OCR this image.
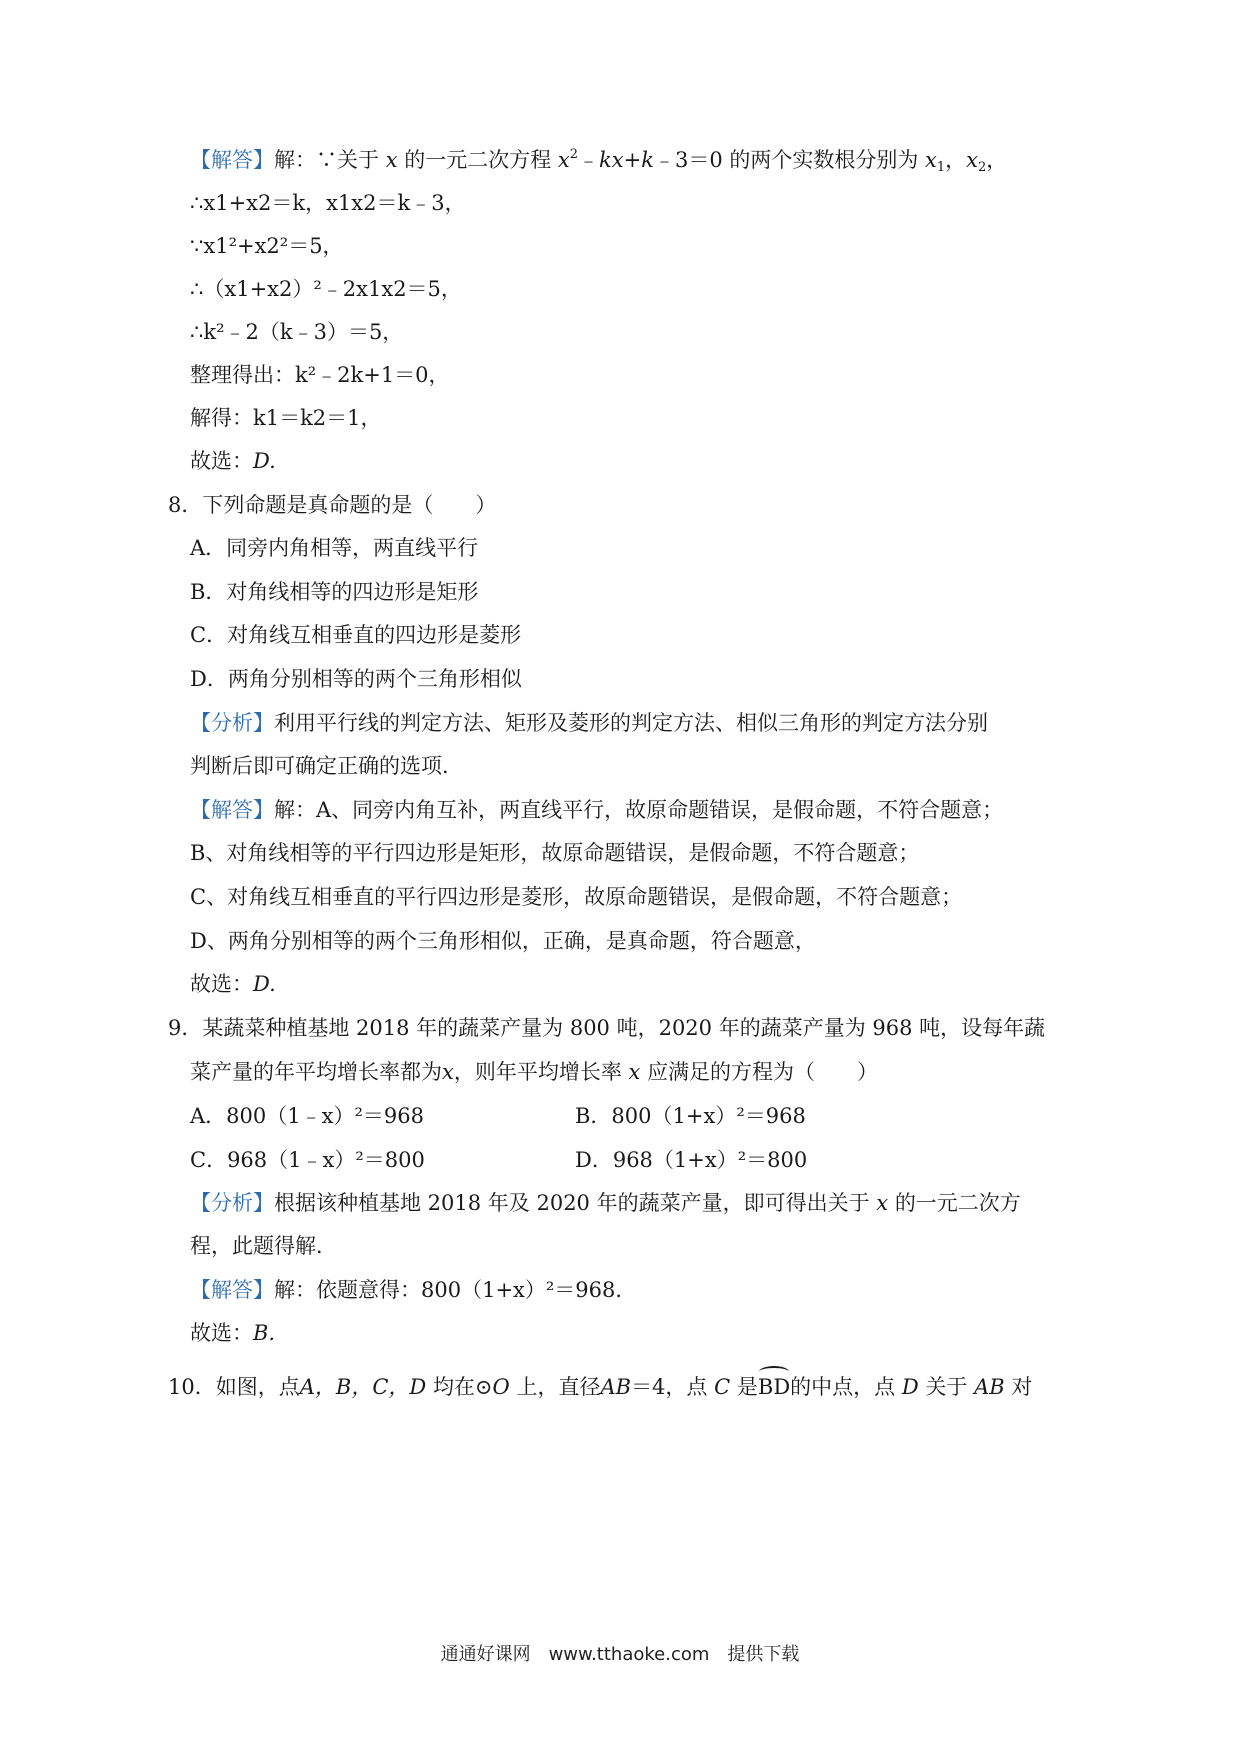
【解答】解：∵关于 x 的一元二次方程 $x^2﹣kx+k﹣3=0$ 的两个实数根分别为 $x_1$，$x_2$，
∴x1+x2＝k，x1x2＝k﹣3，
∵x1²+x2²＝5，
∴（x1+x2）²﹣2x1x2＝5，
∴k²﹣2（k﹣3）＝5，
整理得出：k²﹣2k+1＝0，
解得：k1＝k2＝1，
故选：D.
8．下列命题是真命题的是（　　）
A．同旁内角相等，两直线平行
B．对角线相等的四边形是矩形
C．对角线互相垂直的四边形是菱形
D．两角分别相等的两个三角形相似
【分析】利用平行线的判定方法、矩形及菱形的判定方法、相似三角形的判定方法分别
判断后即可确定正确的选项．
【解答】解：A、同旁内角互补，两直线平行，故原命题错误，是假命题，不符合题意；
B、对角线相等的平行四边形是矩形，故原命题错误，是假命题，不符合题意；
C、对角线互相垂直的平行四边形是菱形，故原命题错误，是假命题，不符合题意；
D、两角分别相等的两个三角形相似，正确，是真命题，符合题意，
故选：D.
9．某蔬菜种植基地 2018 年的蔬菜产量为 800 吨，2020 年的蔬菜产量为 968 吨，设每年蔬
菜产量的年平均增长率都为x，则年平均增长率 x 应满足的方程为（　　）
A．800（1﹣x）²＝968	B．800（1+x）²＝968
C．968（1﹣x）²＝800	D．968（1+x）²＝800
【分析】根据该种植基地 2018 年及 2020 年的蔬菜产量，即可得出关于 x 的一元二次方
程，此题得解．
【解答】解：依题意得：800（1+x）²＝968．
故选：B.
10．如图，点A，B，C，D 均在⊙O 上，直径AB＝4，点 C 是BD的中点，点 D 关于 AB 对
通通好课网　www.tthaoke.com　提供下载
